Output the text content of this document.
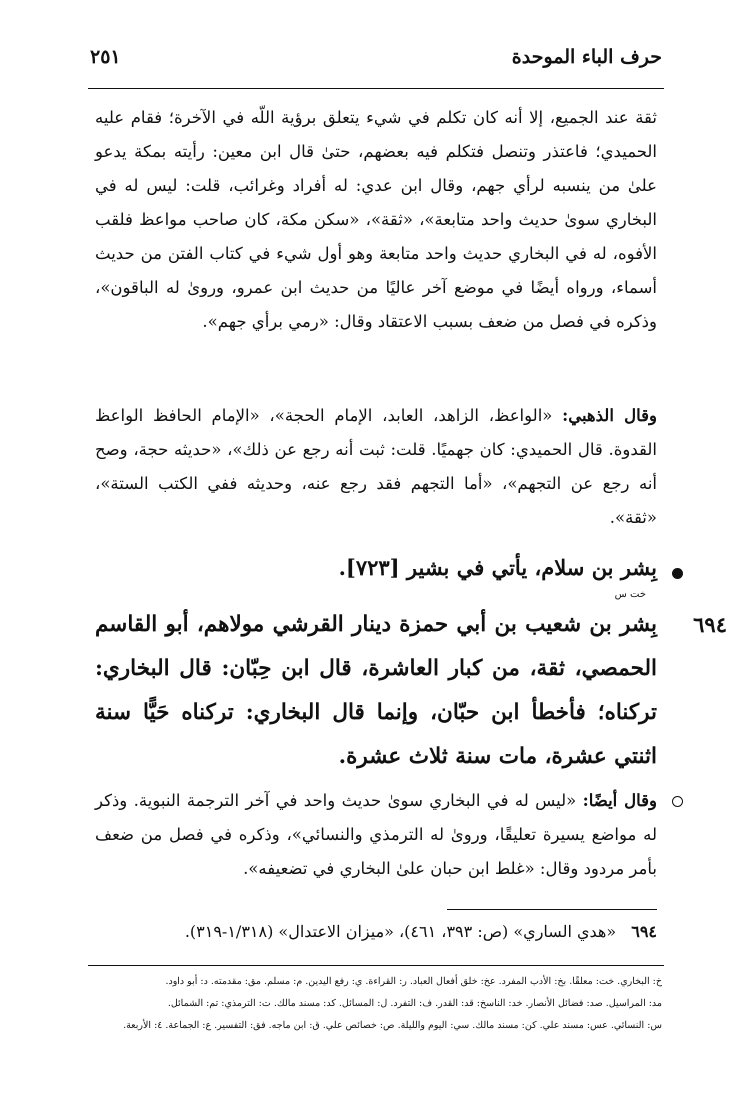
حرف الباء الموحدة
٢٥١
ثقة عند الجميع، إلا أنه كان تكلم في شيء يتعلق برؤية اللّه في الآخرة؛ فقام عليه الحميدي؛ فاعتذر وتنصل فتكلم فيه بعضهم، حتىٰ قال ابن معين: رأيته بمكة يدعو علىٰ من ينسبه لرأي جهم، وقال ابن عدي: له أفراد وغرائب، قلت: ليس له في البخاري سوىٰ حديث واحد متابعة»، «ثقة»، «سكن مكة، كان صاحب مواعظ فلقب الأفوه، له في البخاري حديث واحد متابعة وهو أول شيء في كتاب الفتن من حديث أسماء، ورواه أيضًا في موضع آخر عاليًا من حديث ابن عمرو، وروىٰ له الباقون»، وذكره في فصل من ضعف بسبب الاعتقاد وقال: «رمي برأي جهم».
وقال الذهبي: «الواعظ، الزاهد، العابد، الإمام الحجة»، «الإمام الحافظ الواعظ القدوة. قال الحميدي: كان جهميًا. قلت: ثبت أنه رجع عن ذلك»، «حديثه حجة، وصح أنه رجع عن التجهم»، «أما التجهم فقد رجع عنه، وحديثه ففي الكتب الستة»، «ثقة».
بِشر بن سلام، يأتي في بشير [٧٢٣].
خت س
٦٩٤
بِشر بن شعيب بن أبي حمزة دينار القرشي مولاهم، أبو القاسم الحمصي، ثقة، من كبار العاشرة، قال ابن حِبّان: قال البخاري: تركناه؛ فأخطأ ابن حبّان، وإنما قال البخاري: تركناه حَيًّا سنة اثنتي عشرة، مات سنة ثلاث عشرة.
وقال أيضًا: «ليس له في البخاري سوىٰ حديث واحد في آخر الترجمة النبوية. وذكر له مواضع يسيرة تعليقًا، وروىٰ له الترمذي والنسائي»، وذكره في فصل من ضعف بأمر مردود وقال: «غلط ابن حبان علىٰ البخاري في تضعيفه».
٦٩٤ «هدي الساري» (ص: ٣٩٣، ٤٦١)، «ميزان الاعتدال» (١/٣١٨-٣١٩).
خ: البخاري. خت: معلقًا. بخ: الأدب المفرد. عخ: خلق أفعال العباد. ر: القراءة. ي: رفع اليدين. م: مسلم. مق: مقدمته. د: أبو داود.
مد: المراسيل. صد: فضائل الأنصار. خد: الناسخ: قد: القدر. ف: التفرد. ل: المسائل. كد: مسند مالك. ت: الترمذي: تم: الشمائل.
س: النسائي. عس: مسند علي. كن: مسند مالك. سي: اليوم والليلة. ص: خصائص علي. ق: ابن ماجه. فق: التفسير. ع: الجماعة. ٤: الأربعة.
